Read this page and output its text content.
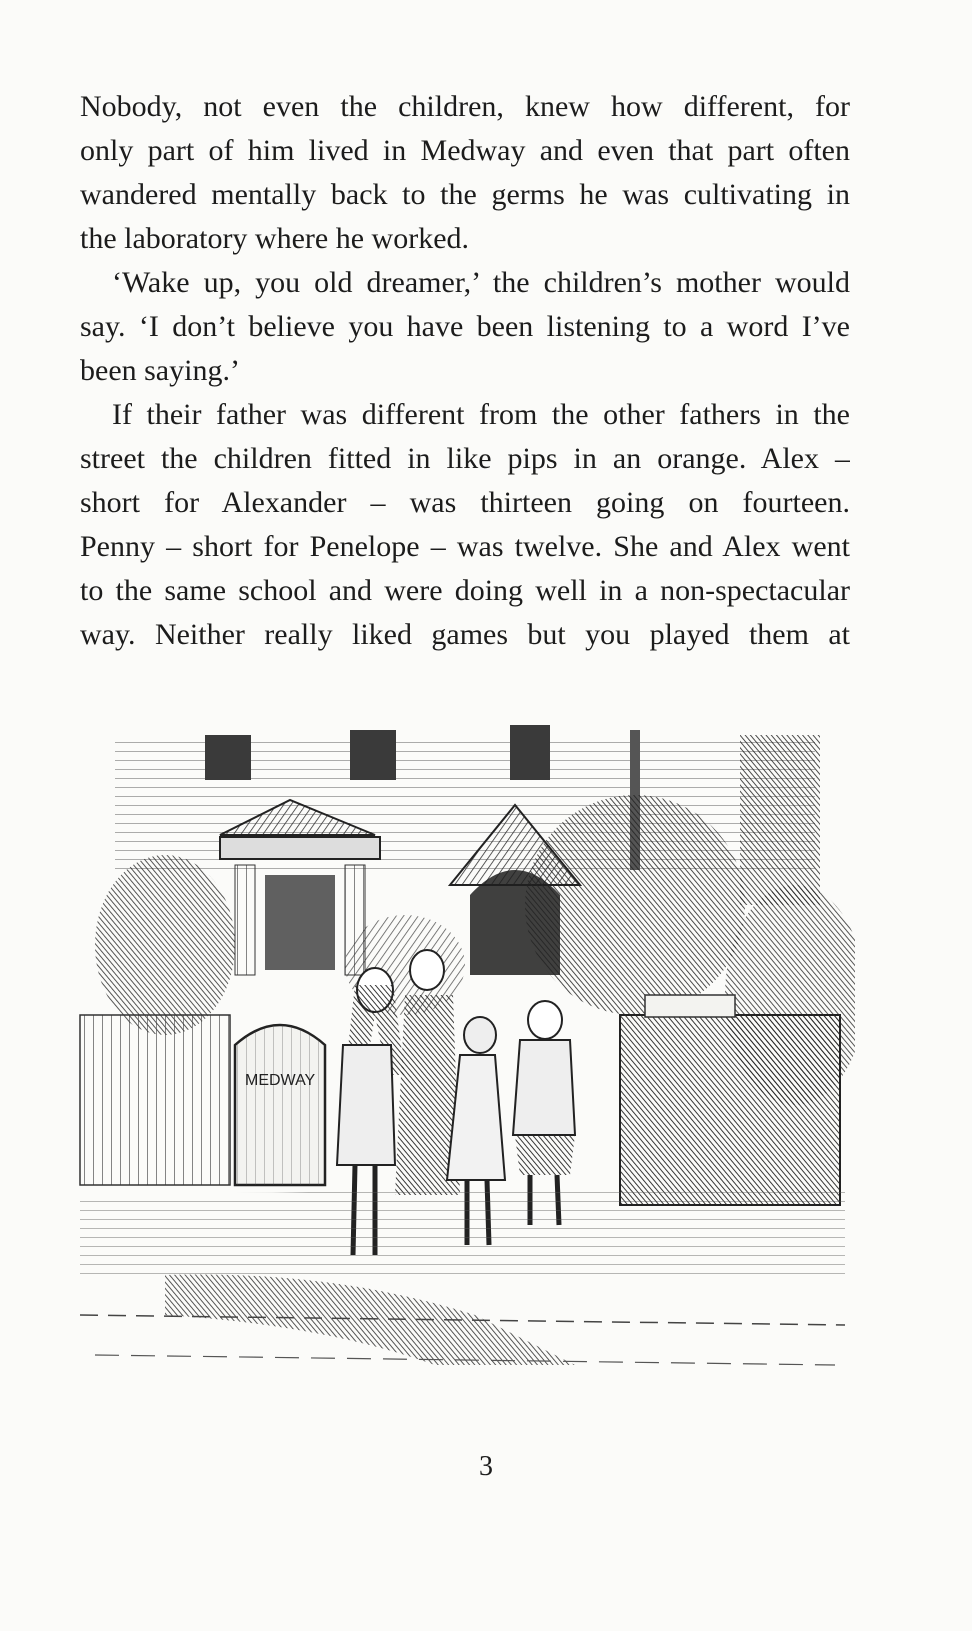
Nobody, not even the children, knew how different, for
only part of him lived in Medway and even that part often
wandered mentally back to the germs he was cultivating in
the laboratory where he worked.
‘Wake up, you old dreamer,’ the children’s mother would
say. ‘I don’t believe you have been listening to a word I’ve
been saying.’
If their father was different from the other fathers in the
street the children fitted in like pips in an orange. Alex –
short for Alexander – was thirteen going on fourteen.
Penny – short for Penelope – was twelve. She and Alex went
to the same school and were doing well in a non-spectacular
way. Neither really liked games but you played them at
MEDWAY
3
